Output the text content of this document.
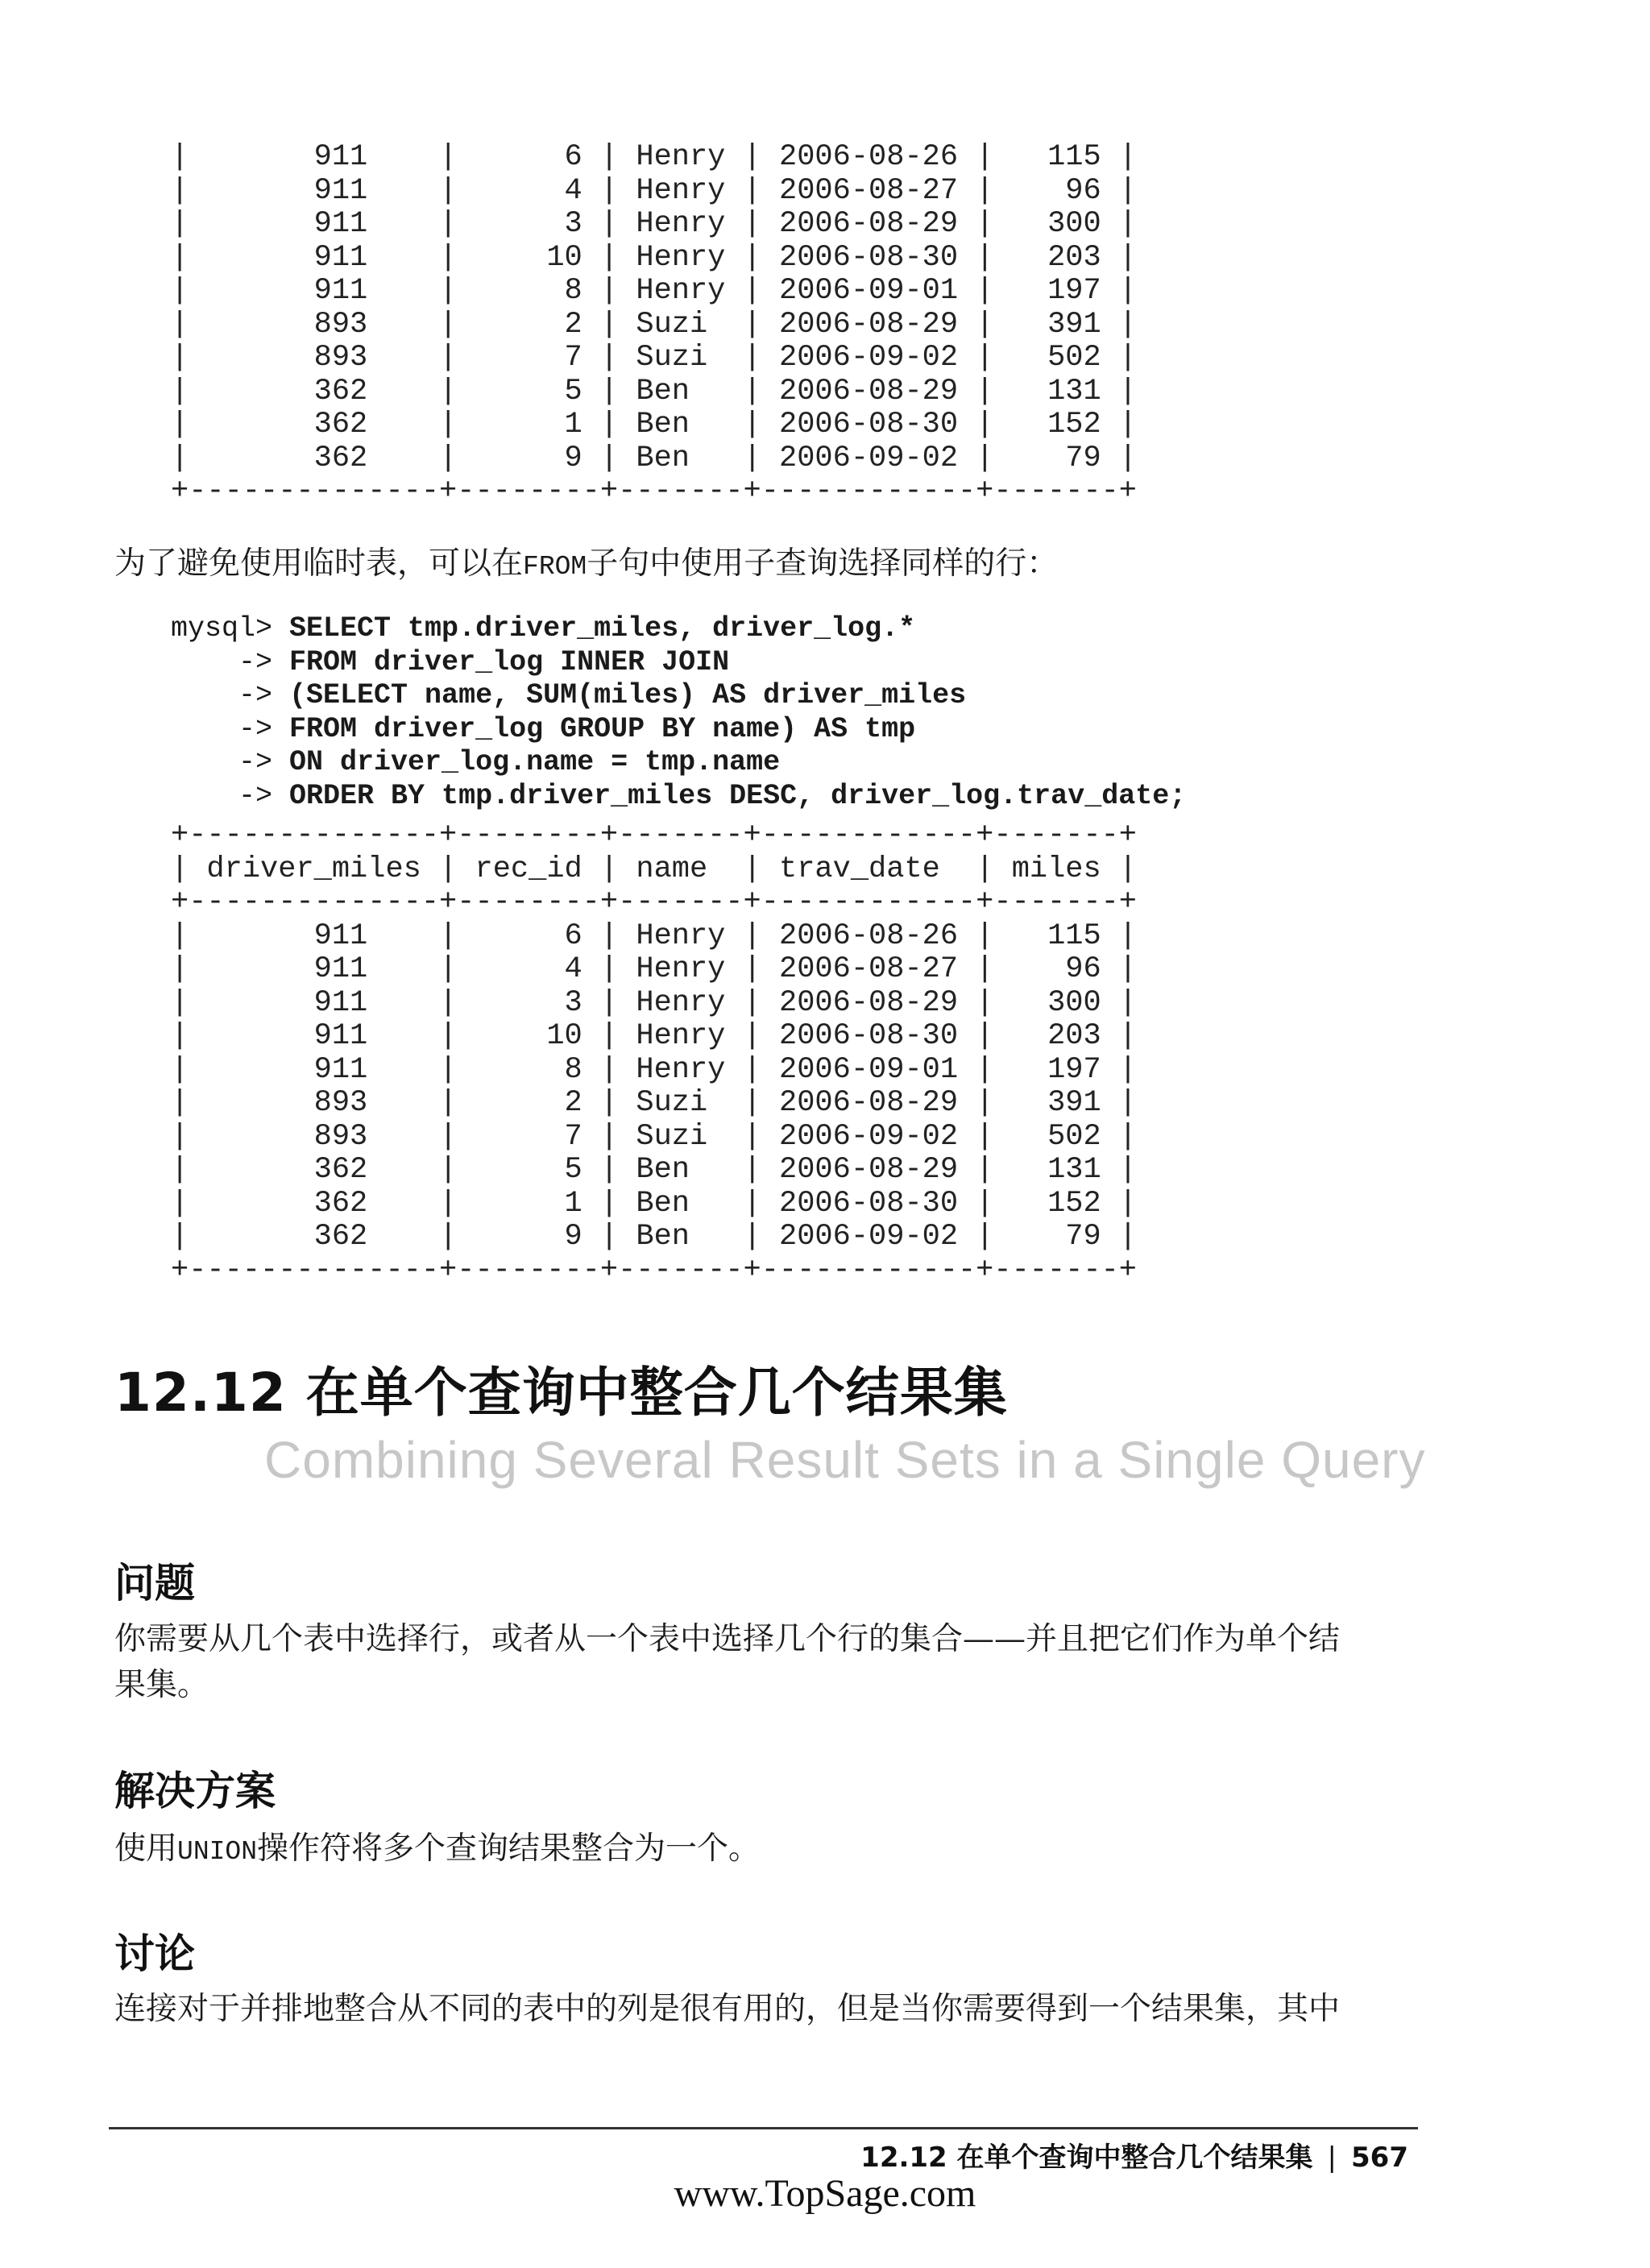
|       911    |      6 | Henry | 2006-08-26 |   115 |
|       911    |      4 | Henry | 2006-08-27 |    96 |
|       911    |      3 | Henry | 2006-08-29 |   300 |
|       911    |     10 | Henry | 2006-08-30 |   203 |
|       911    |      8 | Henry | 2006-09-01 |   197 |
|       893    |      2 | Suzi  | 2006-08-29 |   391 |
|       893    |      7 | Suzi  | 2006-09-02 |   502 |
|       362    |      5 | Ben   | 2006-08-29 |   131 |
|       362    |      1 | Ben   | 2006-08-30 |   152 |
|       362    |      9 | Ben   | 2006-09-02 |    79 |
+--------------+--------+-------+------------+-------+
为了避免使用临时表，可以在FROM子句中使用子查询选择同样的行：
mysql> SELECT tmp.driver_miles, driver_log.*
-> FROM driver_log INNER JOIN
-> (SELECT name, SUM(miles) AS driver_miles
-> FROM driver_log GROUP BY name) AS tmp
-> ON driver_log.name = tmp.name
-> ORDER BY tmp.driver_miles DESC, driver_log.trav_date;
+--------------+--------+-------+------------+-------+
| driver_miles | rec_id | name  | trav_date  | miles |
+--------------+--------+-------+------------+-------+
|       911    |      6 | Henry | 2006-08-26 |   115 |
|       911    |      4 | Henry | 2006-08-27 |    96 |
|       911    |      3 | Henry | 2006-08-29 |   300 |
|       911    |     10 | Henry | 2006-08-30 |   203 |
|       911    |      8 | Henry | 2006-09-01 |   197 |
|       893    |      2 | Suzi  | 2006-08-29 |   391 |
|       893    |      7 | Suzi  | 2006-09-02 |   502 |
|       362    |      5 | Ben   | 2006-08-29 |   131 |
|       362    |      1 | Ben   | 2006-08-30 |   152 |
|       362    |      9 | Ben   | 2006-09-02 |    79 |
+--------------+--------+-------+------------+-------+
12.12 在单个查询中整合几个结果集
Combining Several Result Sets in a Single Query
问题
你需要从几个表中选择行，或者从一个表中选择几个行的集合——并且把它们作为单个结
果集。
解决方案
使用UNION操作符将多个查询结果整合为一个。
讨论
连接对于并排地整合从不同的表中的列是很有用的，但是当你需要得到一个结果集，其中
12.12 在单个查询中整合几个结果集 | 567
www.TopSage.com
